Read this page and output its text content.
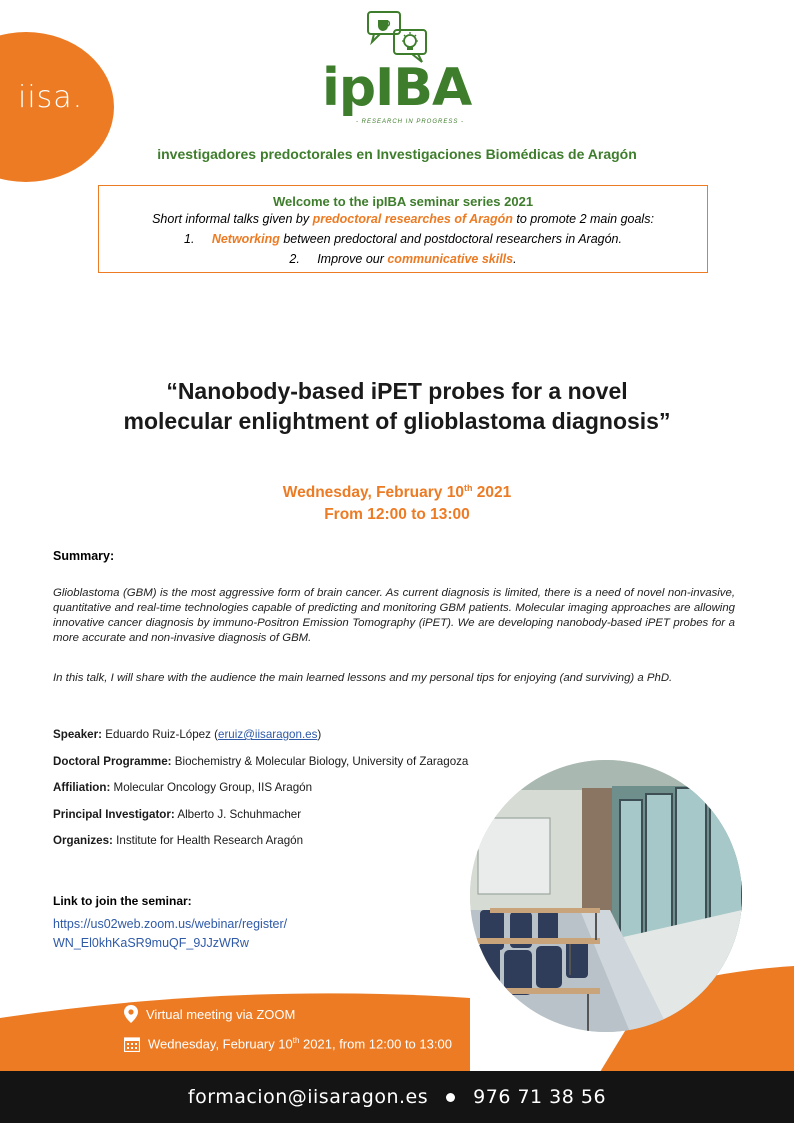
iisa.	ipIBA
- RESEARCH IN PROGRESS -
investigadores predoctorales en Investigaciones Biomédicas de Aragón
Welcome to the ipIBA seminar series 2021
Short informal talks given by predoctoral researches of Aragón to promote 2 main goals:
1. Networking between predoctoral and postdoctoral researchers in Aragón.
2. Improve our communicative skills.
“Nanobody-based iPET probes for a novel
molecular enlightment of glioblastoma diagnosis”
Wednesday, February 10th 2021
From 12:00 to 13:00
Summary:
Glioblastoma (GBM) is the most aggressive form of brain cancer. As current diagnosis is limited, there is a need of novel non-invasive, quantitative and real-time technologies capable of predicting and monitoring GBM patients. Molecular imaging approaches are allowing innovative cancer diagnosis by immuno-Positron Emission Tomography (iPET). We are developing nanobody-based iPET probes for a more accurate and non-invasive diagnosis of GBM.
In this talk, I will share with the audience the main learned lessons and my personal tips for enjoying (and surviving) a PhD.
Speaker: Eduardo Ruiz-López (eruiz@iisaragon.es)
Doctoral Programme: Biochemistry & Molecular Biology, University of Zaragoza
Affiliation: Molecular Oncology Group, IIS Aragón
Principal Investigator: Alberto J. Schuhmacher
Organizes: Institute for Health Research Aragón
Link to join the seminar:
https://us02web.zoom.us/webinar/register/
WN_El0khKaSR9muQF_9JJzWRw
Virtual meeting via ZOOM
Wednesday, February 10th 2021, from 12:00 to 13:00
formacion@iisaragon.es 976 71 38 56
